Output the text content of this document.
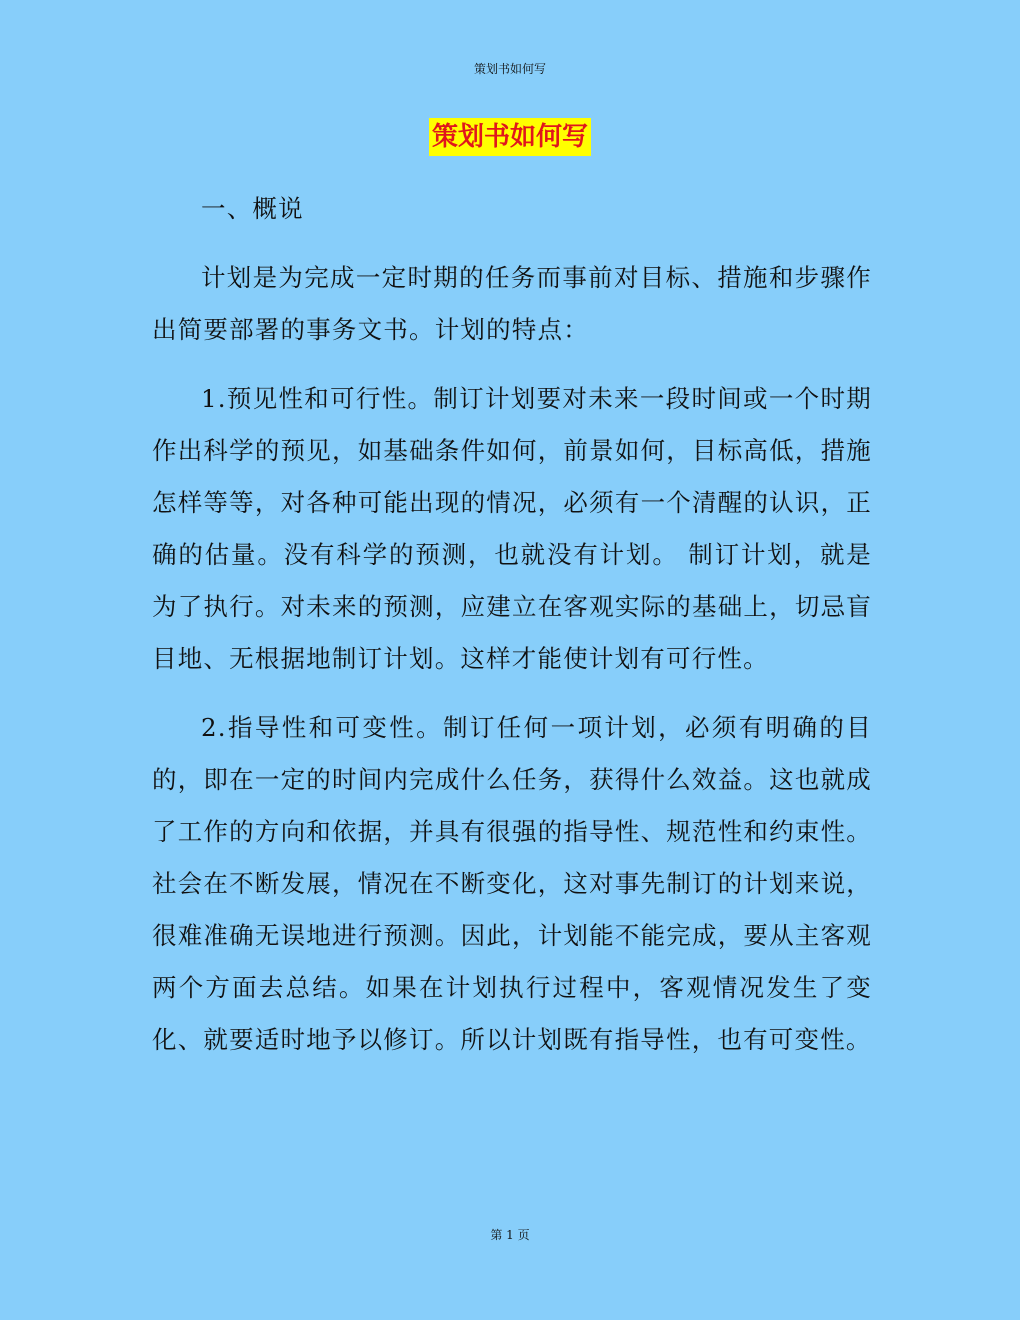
策划书如何写
策划书如何写

一、概说

计划是为完成一定时期的任务而事前对目标、措施和步骤作出简要部署的事务文书。计划的特点：

1.预见性和可行性。制订计划要对未来一段时间或一个时期作出科学的预见，如基础条件如何，前景如何，目标高低，措施怎样等等，对各种可能出现的情况，必须有一个清醒的认识，正确的估量。没有科学的预测，也就没有计划。 制订计划，就是为了执行。对未来的预测，应建立在客观实际的基础上，切忌盲目地、无根据地制订计划。这样才能使计划有可行性。

2.指导性和可变性。制订任何一项计划，必须有明确的目的，即在一定的时间内完成什么任务，获得什么效益。这也就成了工作的方向和依据，并具有很强的指导性、规范性和约束性。社会在不断发展，情况在不断变化，这对事先制订的计划来说，很难准确无误地进行预测。因此，计划能不能完成，要从主客观两个方面去总结。如果在计划执行过程中，客观情况发生了变化、就要适时地予以修订。所以计划既有指导性，也有可变性。

第 1 页
